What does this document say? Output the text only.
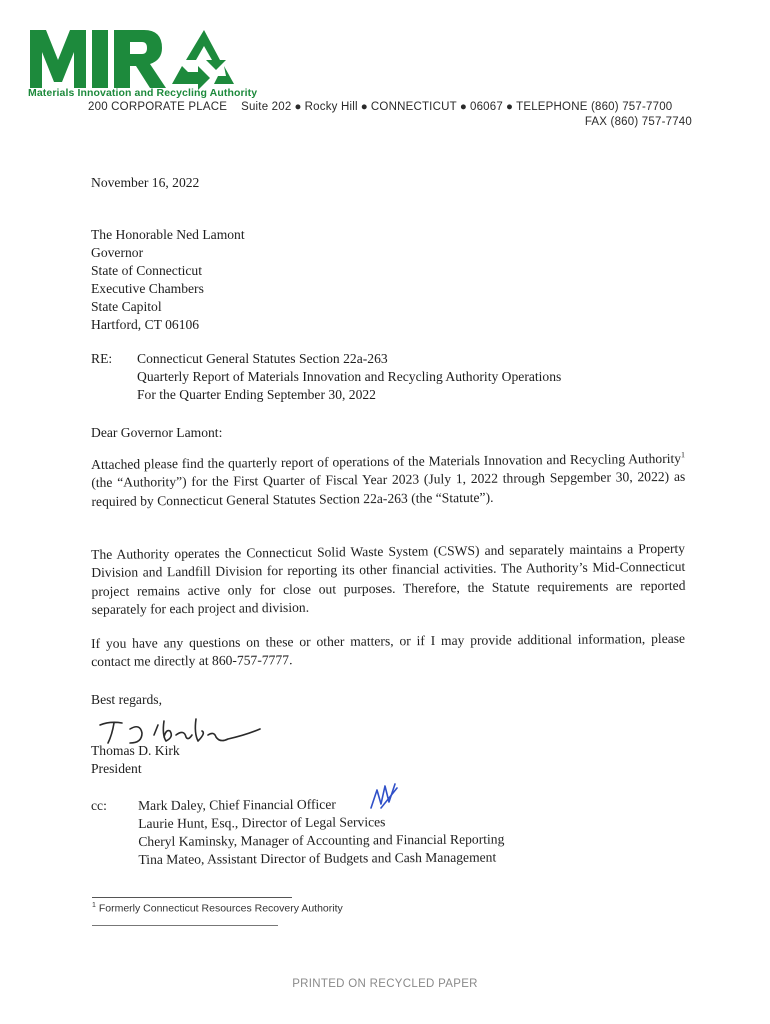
Materials Innovation and Recycling Authority
200 CORPORATE PLACE Suite 202 ● Rocky Hill ● CONNECTICUT ● 06067 ● TELEPHONE (860) 757-7700
FAX (860) 757-7740
November 16, 2022
The Honorable Ned Lamont
Governor
State of Connecticut
Executive Chambers
State Capitol
Hartford, CT 06106
RE: Connecticut General Statutes Section 22a-263
Quarterly Report of Materials Innovation and Recycling Authority Operations
For the Quarter Ending September 30, 2022
Dear Governor Lamont:
Attached please find the quarterly report of operations of the Materials Innovation and Recycling Authority$^1$ (the “Authority”) for the First Quarter of Fiscal Year 2023 (July 1, 2022 through Sepgember 30, 2022) as required by Connecticut General Statutes Section 22a-263 (the “Statute”).
The Authority operates the Connecticut Solid Waste System (CSWS) and separately maintains a Property Division and Landfill Division for reporting its other financial activities. The Authority’s Mid-Connecticut project remains active only for close out purposes. Therefore, the Statute requirements are reported separately for each project and division.
If you have any questions on these or other matters, or if I may provide additional information, please contact me directly at 860-757-7777.
Best regards,
Thomas D. Kirk
President
cc: Mark Daley, Chief Financial Officer
Laurie Hunt, Esq., Director of Legal Services
Cheryl Kaminsky, Manager of Accounting and Financial Reporting
Tina Mateo, Assistant Director of Budgets and Cash Management
$^1$ Formerly Connecticut Resources Recovery Authority
PRINTED ON RECYCLED PAPER
